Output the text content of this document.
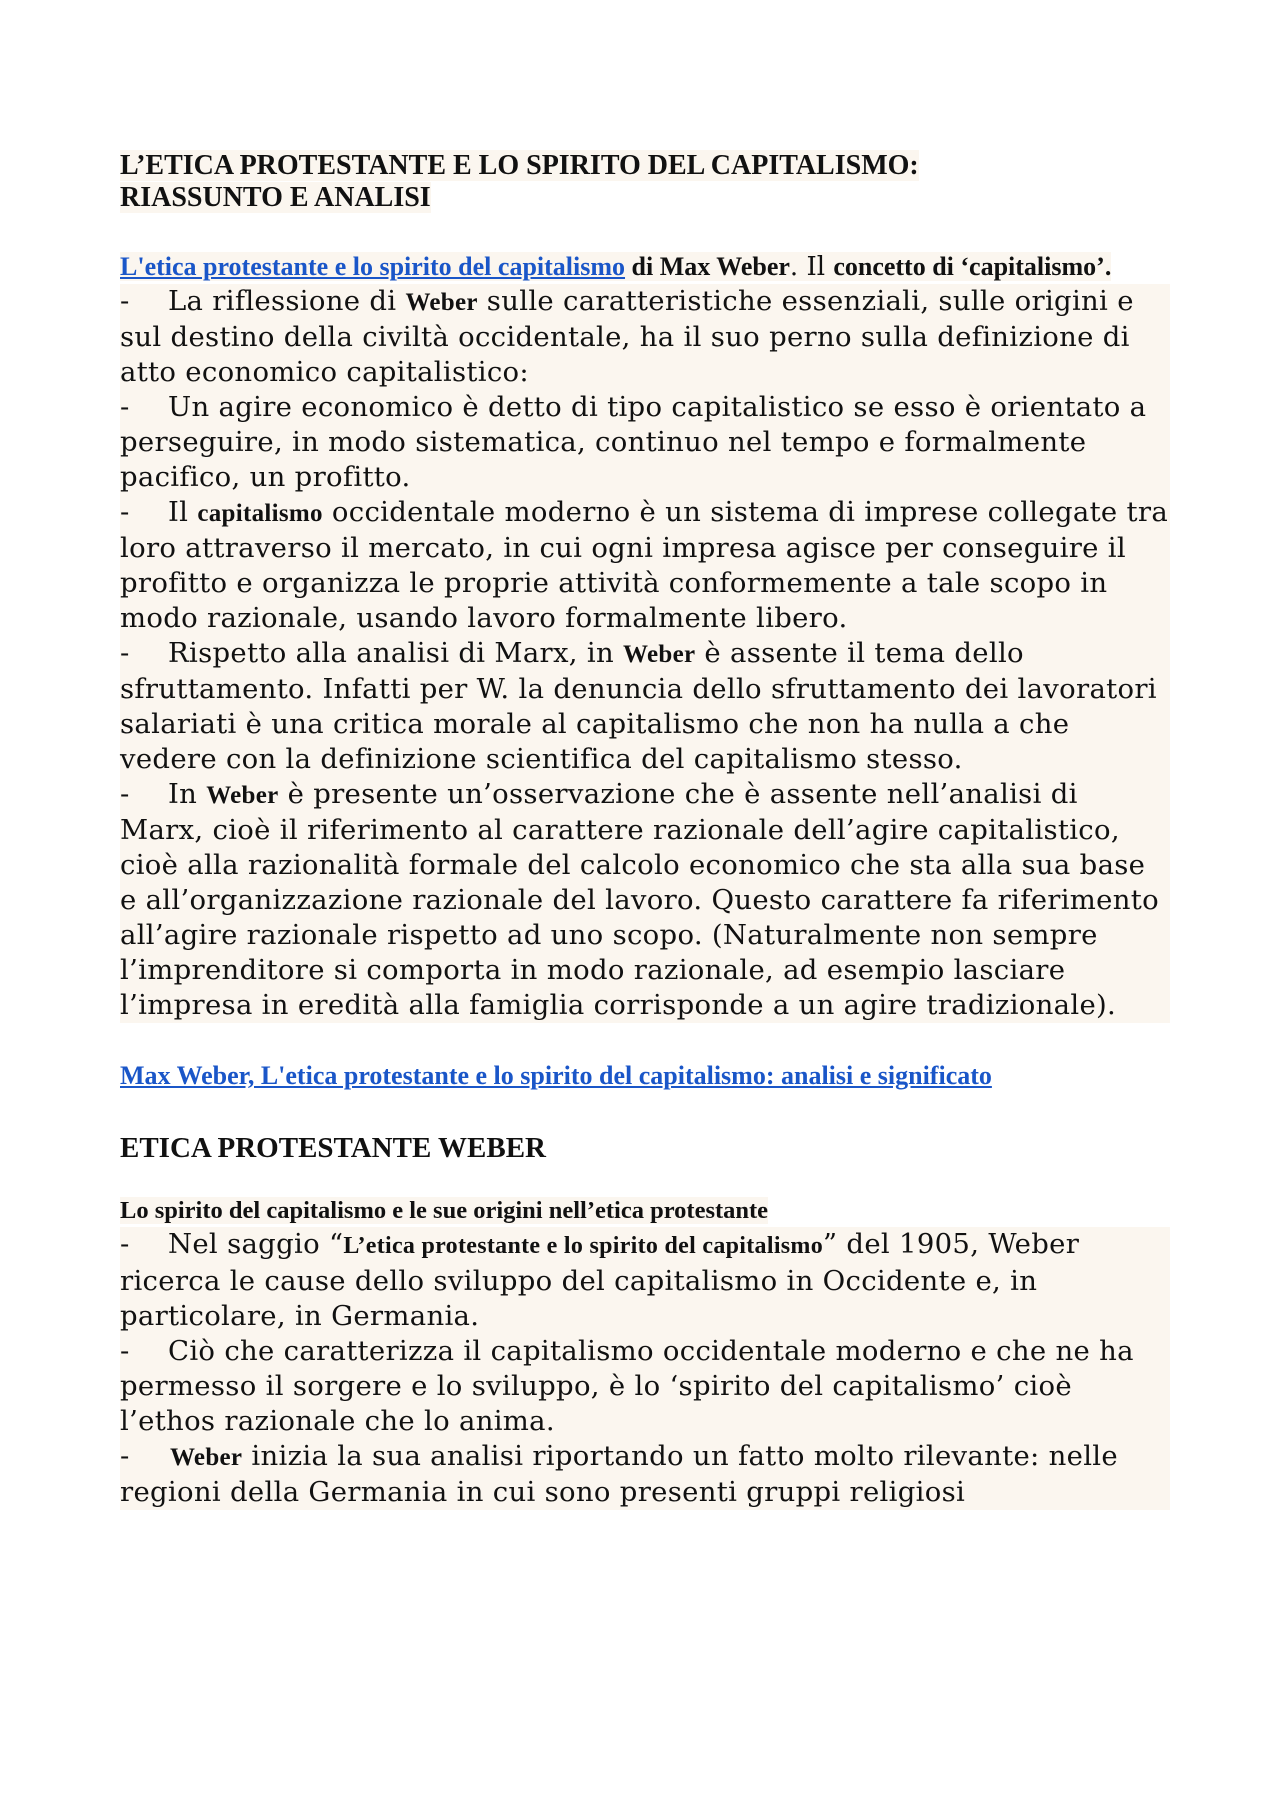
L’ETICA PROTESTANTE E LO SPIRITO DEL CAPITALISMO:
RIASSUNTO E ANALISI

L'etica protestante e lo spirito del capitalismo di Max Weber. Il concetto di ‘capitalismo’.

- La riflessione di Weber sulle caratteristiche essenziali, sulle origini e sul destino della civiltà occidentale, ha il suo perno sulla definizione di atto economico capitalistico:
- Un agire economico è detto di tipo capitalistico se esso è orientato a perseguire, in modo sistematica, continuo nel tempo e formalmente pacifico, un profitto.
- Il capitalismo occidentale moderno è un sistema di imprese collegate tra loro attraverso il mercato, in cui ogni impresa agisce per conseguire il profitto e organizza le proprie attività conformemente a tale scopo in modo razionale, usando lavoro formalmente libero.
- Rispetto alla analisi di Marx, in Weber è assente il tema dello sfruttamento. Infatti per W. la denuncia dello sfruttamento dei lavoratori salariati è una critica morale al capitalismo che non ha nulla a che vedere con la definizione scientifica del capitalismo stesso.
- In Weber è presente un’osservazione che è assente nell’analisi di Marx, cioè il riferimento al carattere razionale dell’agire capitalistico, cioè alla razionalità formale del calcolo economico che sta alla sua base e all’organizzazione razionale del lavoro. Questo carattere fa riferimento all’agire razionale rispetto ad uno scopo. (Naturalmente non sempre l’imprenditore si comporta in modo razionale, ad esempio lasciare l’impresa in eredità alla famiglia corrisponde a un agire tradizionale).

Max Weber, L'etica protestante e lo spirito del capitalismo: analisi e significato

ETICA PROTESTANTE WEBER

Lo spirito del capitalismo e le sue origini nell’etica protestante

- Nel saggio “L’etica protestante e lo spirito del capitalismo” del 1905, Weber ricerca le cause dello sviluppo del capitalismo in Occidente e, in particolare, in Germania.
- Ciò che caratterizza il capitalismo occidentale moderno e che ne ha permesso il sorgere e lo sviluppo, è lo ‘spirito del capitalismo’ cioè l’ethos razionale che lo anima.
- Weber inizia la sua analisi riportando un fatto molto rilevante: nelle regioni della Germania in cui sono presenti gruppi religiosi
